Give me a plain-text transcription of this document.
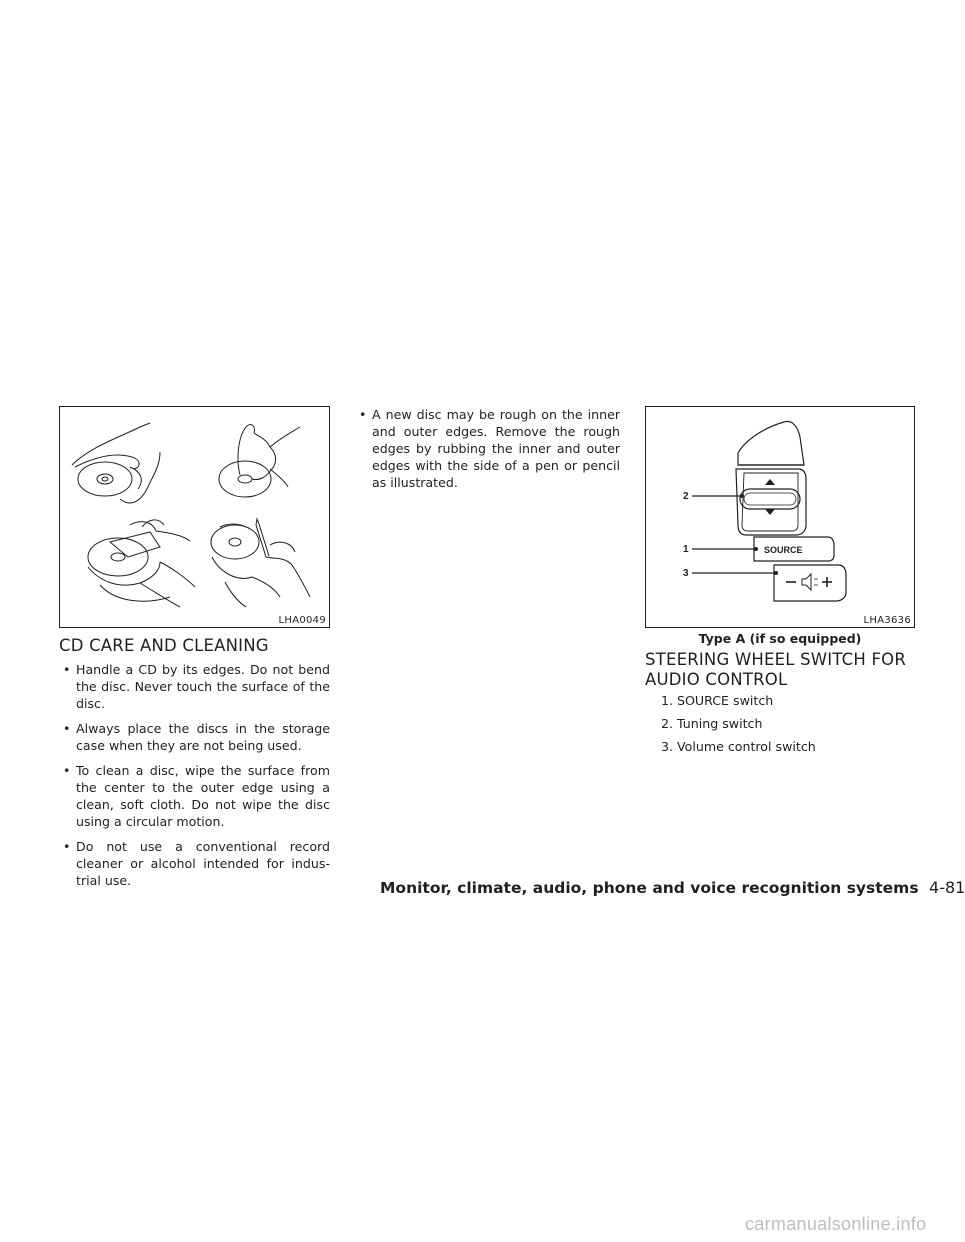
LHA0049
CD CARE AND CLEANING
• Handle a CD by its edges. Do not bend the disc. Never touch the surface of the disc.
• Always place the discs in the storage case when they are not being used.
• To clean a disc, wipe the surface from the center to the outer edge using a clean, soft cloth. Do not wipe the disc using a circular motion.
• Do not use a conventional record cleaner or alcohol intended for indus-trial use.
• A new disc may be rough on the inner and outer edges. Remove the rough edges by rubbing the inner and outer edges with the side of a pen or pencil as illustrated.
2
1
3
SOURCE
LHA3636
Type A (if so equipped)
STEERING WHEEL SWITCH FOR
AUDIO CONTROL
1. SOURCE switch
2. Tuning switch
3. Volume control switch
Monitor, climate, audio, phone and voice recognition systems 4-81
carmanualsonline.info
